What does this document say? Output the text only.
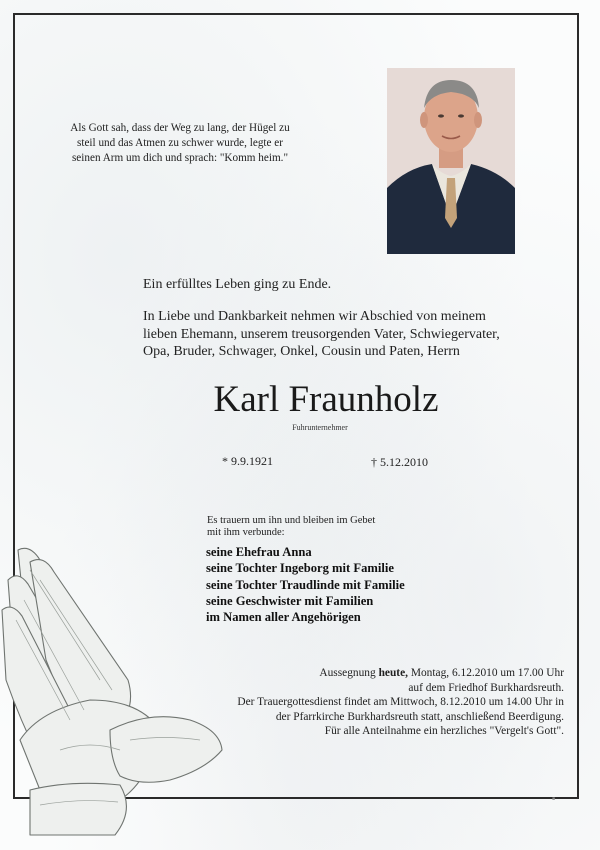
Als Gott sah, dass der Weg zu lang, der Hügel zu
steil und das Atmen zu schwer wurde, legte er
seinen Arm um dich und sprach: "Komm heim."
Ein erfülltes Leben ging zu Ende.
In Liebe und Dankbarkeit nehmen wir Abschied von meinem
lieben Ehemann, unserem treusorgenden Vater, Schwiegervater,
Opa, Bruder, Schwager, Onkel, Cousin und Paten, Herrn
Karl Fraunholz
Fuhrunternehmer
* 9.9.1921	† 5.12.2010
Es trauern um ihn und bleiben im Gebet
mit ihm verbunde:
seine Ehefrau Anna
seine Tochter Ingeborg mit Familie
seine Tochter Traudlinde mit Familie
seine Geschwister mit Familien
im Namen aller Angehörigen
Aussegnung heute, Montag, 6.12.2010 um 17.00 Uhr
auf dem Friedhof Burkhardsreuth.
Der Trauergottesdienst findet am Mittwoch, 8.12.2010 um 14.00 Uhr in
der Pfarrkirche Burkhardsreuth statt, anschließend Beerdigung.
Für alle Anteilnahme ein herzliches "Vergelt's Gott".
■
